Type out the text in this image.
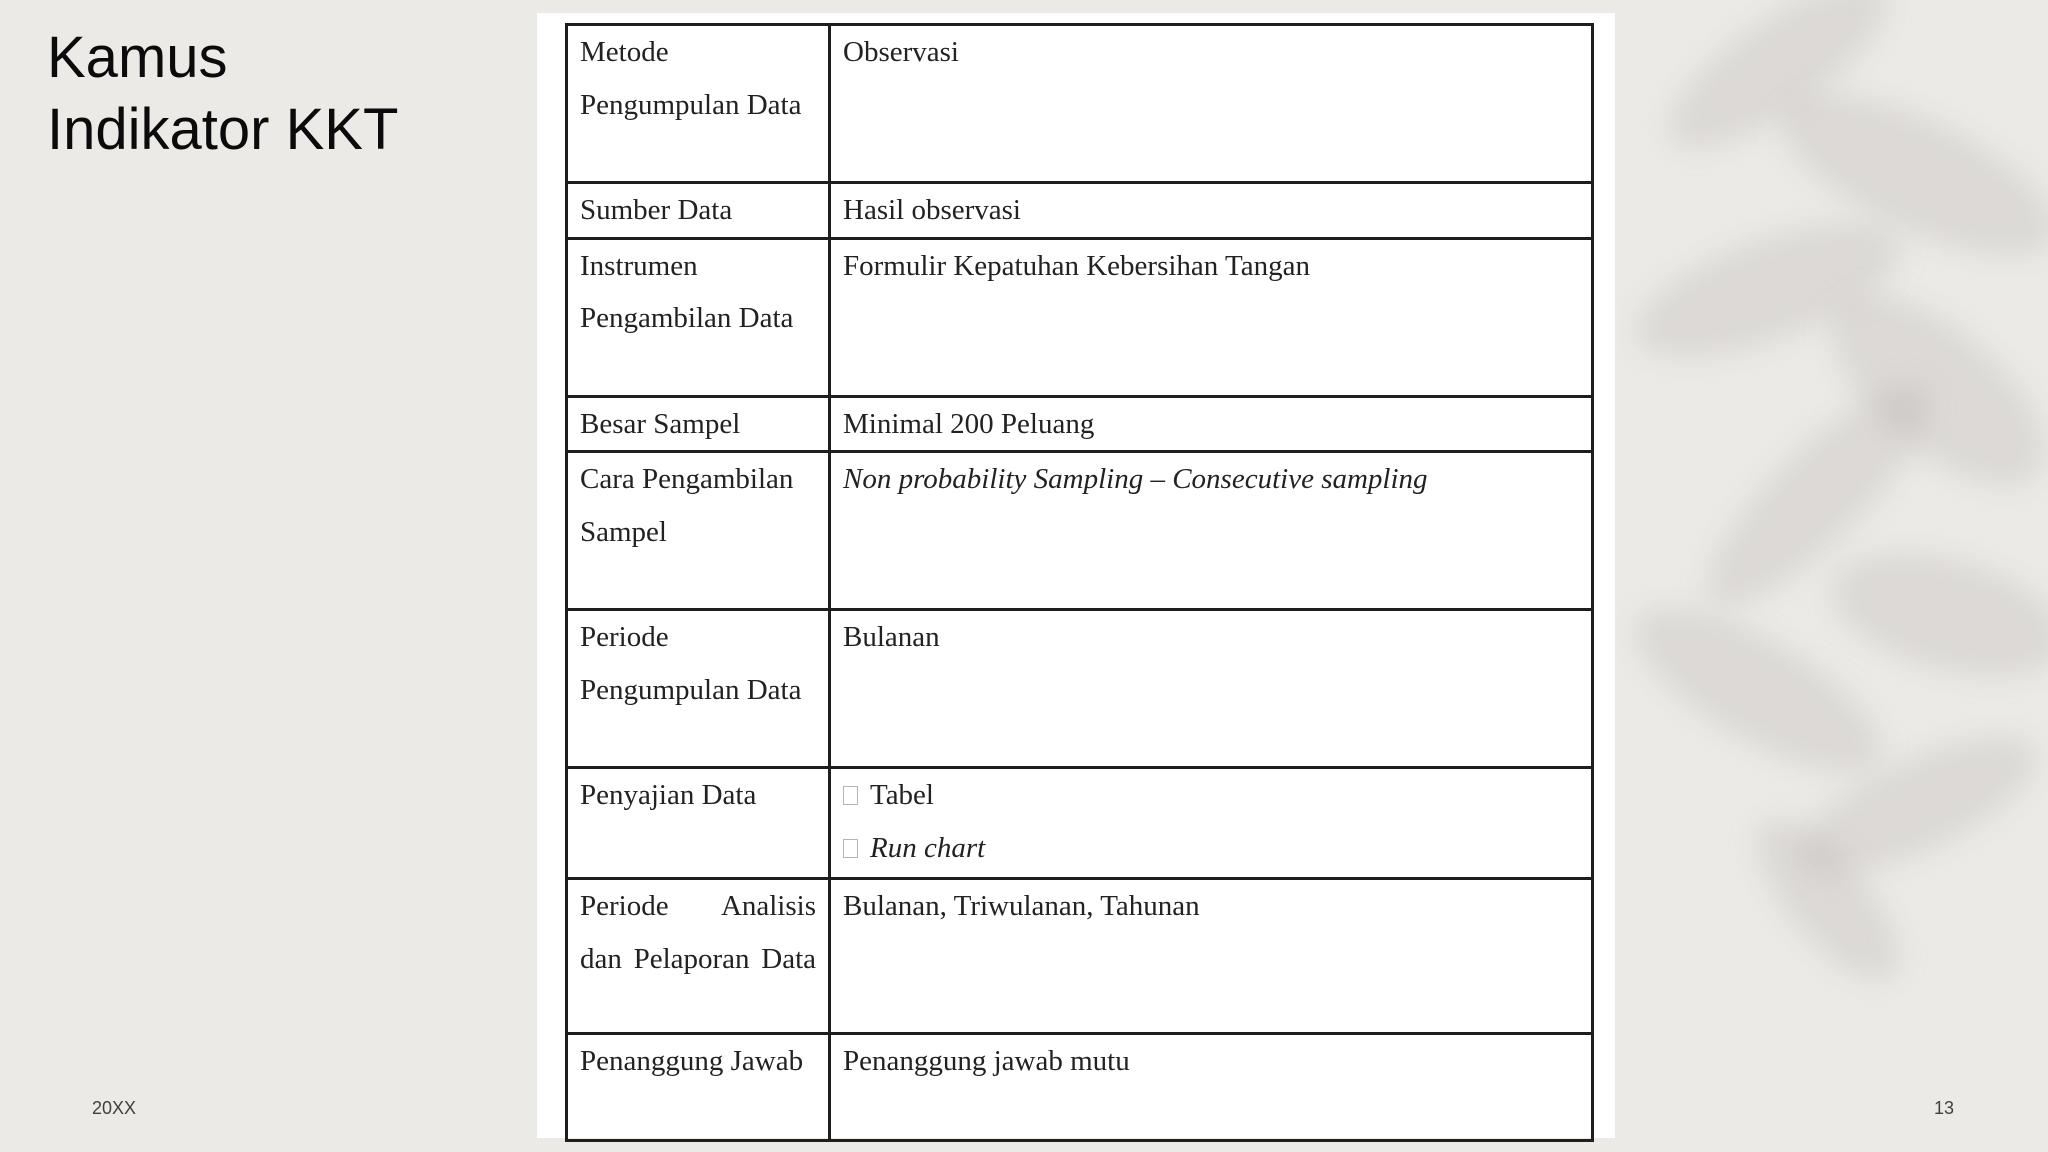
Kamus
Indikator KKT
Metode Pengumpulan Data	Observasi
Sumber Data	Hasil observasi
Instrumen Pengambilan Data	Formulir Kepatuhan Kebersihan Tangan
Besar Sampel	Minimal 200 Peluang
Cara Pengambilan Sampel	Non probability Sampling – Consecutive sampling
Periode Pengumpulan Data	Bulanan
Penyajian Data	Tabel
Run chart

Periode Analisis dan Pelaporan Data	Bulanan, Triwulanan, Tahunan
Penanggung Jawab	Penanggung jawab mutu
20XX	13
